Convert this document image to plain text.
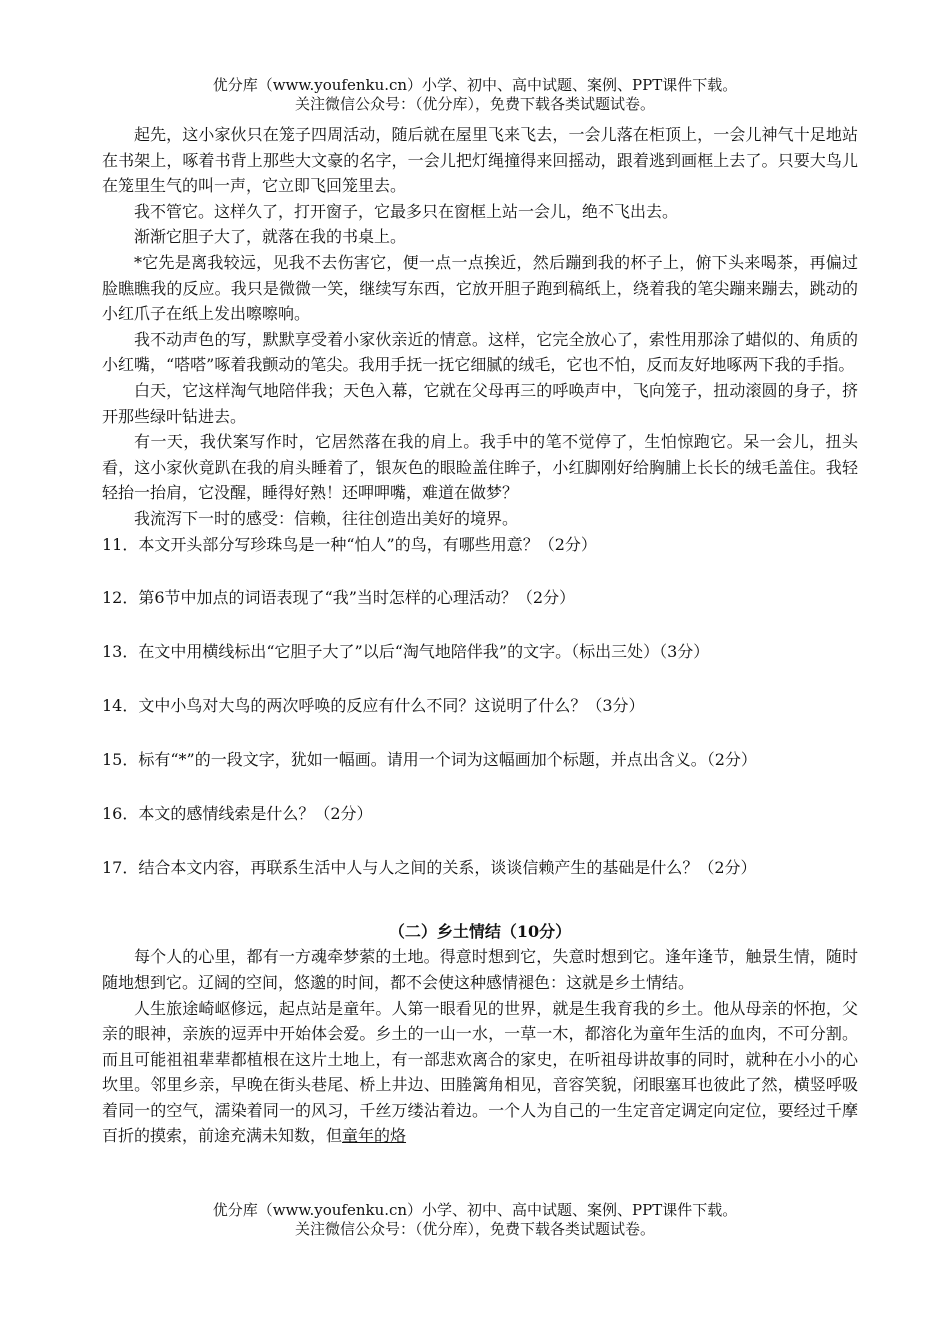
优分库（www.youfenku.cn）小学、初中、高中试题、案例、PPT课件下载。
关注微信公众号：（优分库），免费下载各类试题试卷。

起先，这小家伙只在笼子四周活动，随后就在屋里飞来飞去，一会儿落在柜顶上，一会儿神气十足地站在书架上，啄着书背上那些大文豪的名字，一会儿把灯绳撞得来回摇动，跟着逃到画框上去了。只要大鸟儿在笼里生气的叫一声，它立即飞回笼里去。

我不管它。这样久了，打开窗子，它最多只在窗框上站一会儿，绝不飞出去。

渐渐它胆子大了，就落在我的书桌上。

*它先是离我较远，见我不去伤害它，便一点一点挨近，然后蹦到我的杯子上，俯下头来喝茶，再偏过脸瞧瞧我的反应。我只是微微一笑，继续写东西，它放开胆子跑到稿纸上，绕着我的笔尖蹦来蹦去，跳动的小红爪子在纸上发出嚓嚓响。

我不动声色的写，默默享受着小家伙亲近的情意。这样，它完全放心了，索性用那涂了蜡似的、角质的小红嘴，“嗒嗒”啄着我颤动的笔尖。我用手抚一抚它细腻的绒毛，它也不怕，反而友好地啄两下我的手指。

白天，它这样淘气地陪伴我；天色入幕，它就在父母再三的呼唤声中，飞向笼子，扭动滚圆的身子，挤开那些绿叶钻进去。

有一天，我伏案写作时，它居然落在我的肩上。我手中的笔不觉停了，生怕惊跑它。呆一会儿，扭头看，这小家伙竟趴在我的肩头睡着了，银灰色的眼睑盖住眸子，小红脚刚好给胸脯上长长的绒毛盖住。我轻轻抬一抬肩，它没醒，睡得好熟！还呷呷嘴，难道在做梦？

我流泻下一时的感受：信赖，往往创造出美好的境界。

11．本文开头部分写珍珠鸟是一种“怕人”的鸟，有哪些用意？（2分）

12．第6节中加点的词语表现了“我”当时怎样的心理活动？（2分）

13．在文中用横线标出“它胆子大了”以后“淘气地陪伴我”的文字。（标出三处）（3分）

14．文中小鸟对大鸟的两次呼唤的反应有什么不同？这说明了什么？（3分）

15．标有“*”的一段文字，犹如一幅画。请用一个词为这幅画加个标题，并点出含义。（2分）

16．本文的感情线索是什么？（2分）

17．结合本文内容，再联系生活中人与人之间的关系，谈谈信赖产生的基础是什么？（2分）

（二）乡土情结（10分）

每个人的心里，都有一方魂牵梦萦的土地。得意时想到它，失意时想到它。逢年逢节，触景生情，随时随地想到它。辽阔的空间，悠邈的时间，都不会使这种感情褪色：这就是乡土情结。

人生旅途崎岖修远，起点站是童年。人第一眼看见的世界，就是生我育我的乡土。他从母亲的怀抱，父亲的眼神，亲族的逗弄中开始体会爱。乡土的一山一水，一草一木，都溶化为童年生活的血肉，不可分割。而且可能祖祖辈辈都植根在这片土地上，有一部悲欢离合的家史，在听祖母讲故事的同时，就种在小小的心坎里。邻里乡亲，早晚在街头巷尾、桥上井边、田塍篱角相见，音容笑貌，闭眼塞耳也彼此了然，横竖呼吸着同一的空气，濡染着同一的风习，千丝万缕沾着边。一个人为自己的一生定音定调定向定位，要经过千摩百折的摸索，前途充满未知数，但童年的烙

优分库（www.youfenku.cn）小学、初中、高中试题、案例、PPT课件下载。
关注微信公众号：（优分库），免费下载各类试题试卷。
